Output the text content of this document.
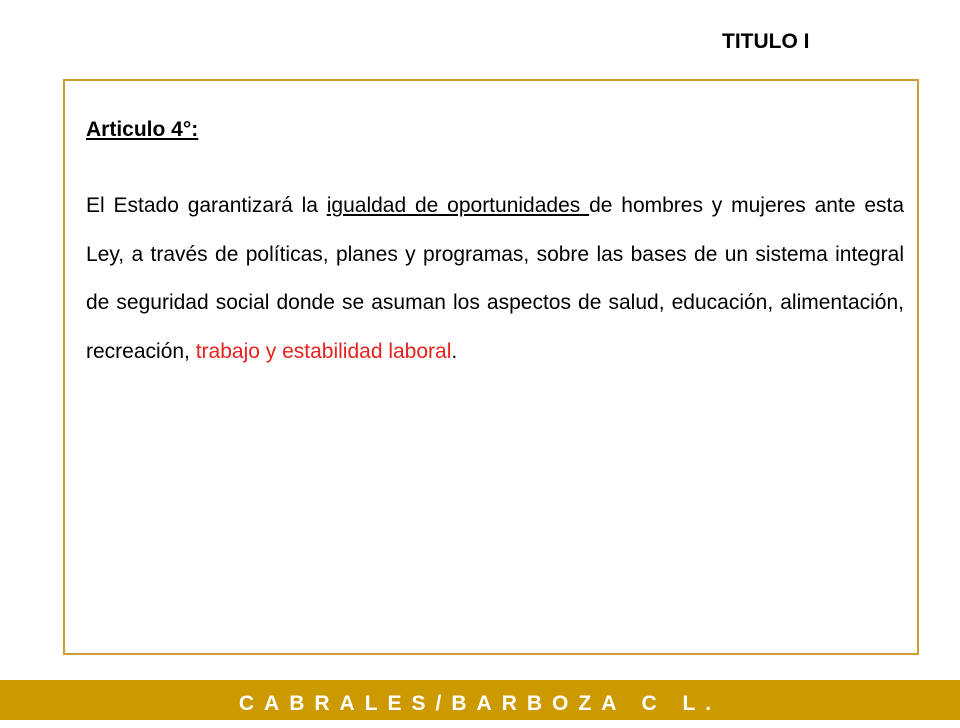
TITULO I
Articulo 4°:

El Estado garantizará la igualdad de oportunidades de hombres y mujeres ante esta Ley, a través de políticas, planes y programas, sobre las bases de un sistema integral de seguridad social donde se asuman los aspectos de salud, educación, alimentación, recreación, trabajo y estabilidad laboral.

CABRALES/BARBOZA C L.
